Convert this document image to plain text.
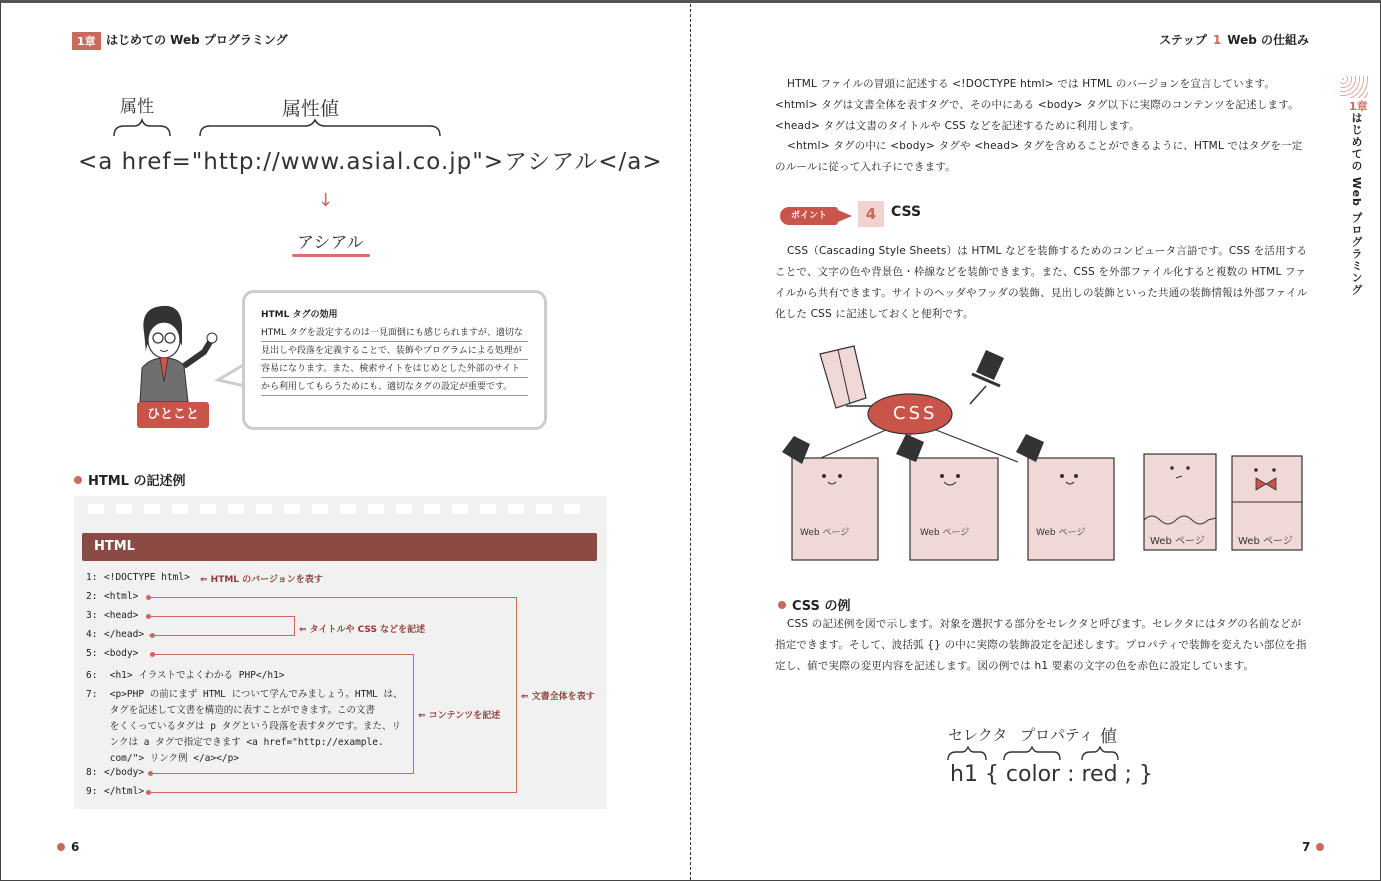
1章 はじめての Web プログラミング
属性	属性値
<a href="http://www.asial.co.jp">アシアル</a>
↓
アシアル
ひとこと
HTML タグの効用
HTML タグを設定するのは一見面倒にも感じられますが、適切な見出しや段落を定義することで、装飾やプログラムによる処理が容易になります。また、検索サイトをはじめとした外部のサイトから利用してもらうためにも、適切なタグの設定が重要です。
HTML の記述例
HTML
1: <!DOCTYPE html>
2: <html>
3: <head>
4: </head>
5: <body>
6: <h1> イラストでよくわかる PHP</h1>
7: <p>PHP の前にまず HTML について学んでみましょう。HTML は、
タグを記述して文書を構造的に表すことができます。この文書
をくくっているタグは p タグという段落を表すタグです。また、リ
ンクは a タグで指定できます <a href="http://example.
com/"> リンク例 </a></p>
8: </body>
9: </html>
⇐ HTML のバージョンを表す
⇐ 文書全体を表す
⇐ タイトルや CSS などを記述
⇐ コンテンツを記述
6
ステップ 1 Web の仕組み
1章
はじめての Web プログラミング
HTML ファイルの冒頭に記述する <!DOCTYPE html> では HTML のバージョンを宣言しています。<html> タグは文書全体を表すタグで、その中にある <body> タグ以下に実際のコンテンツを記述します。<head> タグは文書のタイトルや CSS などを記述するために利用します。
<html> タグの中に <body> タグや <head> タグを含めることができるように、HTML ではタグを一定のルールに従って入れ子にできます。
ポイント	4	CSS
CSS（Cascading Style Sheets）は HTML などを装飾するためのコンピュータ言語です。CSS を活用することで、文字の色や背景色・枠線などを装飾できます。また、CSS を外部ファイル化すると複数の HTML ファイルから共有できます。サイトのヘッダやフッダの装飾、見出しの装飾といった共通の装飾情報は外部ファイル化した CSS に記述しておくと便利です。
CSS
Web ページ	Web ページ	Web ページ
Web ページ	Web ページ
CSS の例
CSS の記述例を図で示します。対象を選択する部分をセレクタと呼びます。セレクタにはタグの名前などが指定できます。そして、波括弧 {} の中に実際の装飾設定を記述します。プロパティで装飾を変えたい部位を指定し、値で実際の変更内容を記述します。図の例では h1 要素の文字の色を赤色に設定しています。
セレクタ プロパティ 値
h1 { color : red ; }
7
